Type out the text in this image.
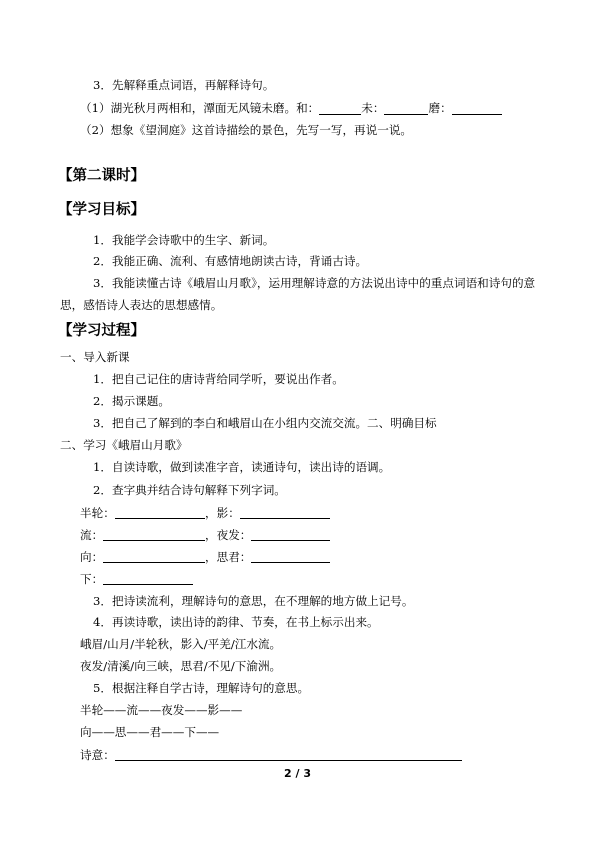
3．先解释重点词语，再解释诗句。
（1）湖光秋月两相和，潭面无风镜未磨。和：	未：	磨：
（2）想象《望洞庭》这首诗描绘的景色，先写一写，再说一说。
【第二课时】
【学习目标】
1．我能学会诗歌中的生字、新词。
2．我能正确、流利、有感情地朗读古诗，背诵古诗。
3．我能读懂古诗《峨眉山月歌》，运用理解诗意的方法说出诗中的重点词语和诗句的意
思，感悟诗人表达的思想感情。
【学习过程】
一、导入新课
1．把自己记住的唐诗背给同学听，要说出作者。
2．揭示课题。
3．把自己了解到的李白和峨眉山在小组内交流交流。二、明确目标
二、学习《峨眉山月歌》
1．自读诗歌，做到读准字音，读通诗句，读出诗的语调。
2．查字典并结合诗句解释下列字词。
半轮：	，影：
流：	，夜发：
向：	，思君：
下：
3．把诗读流利，理解诗句的意思，在不理解的地方做上记号。
4．再读诗歌，读出诗的韵律、节奏，在书上标示出来。
峨眉/山月/半轮秋，影入/平羌/江水流。
夜发/清溪/向三峡，思君/不见/下渝洲。
5．根据注释自学古诗，理解诗句的意思。
半轮——流——夜发——影——
向——思——君——下——
诗意：
2 / 3
